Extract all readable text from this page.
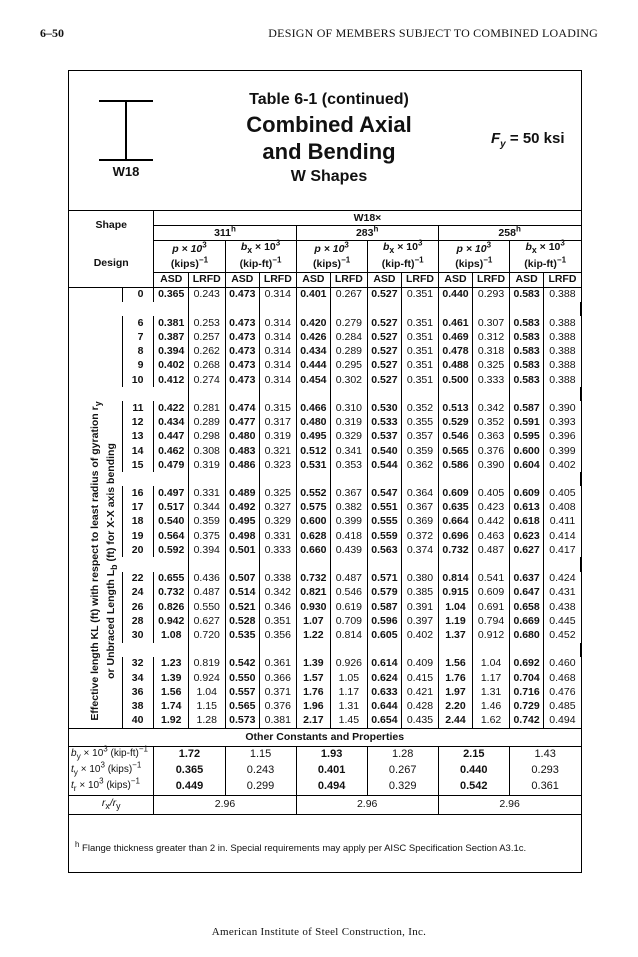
6–50	DESIGN OF MEMBERS SUBJECT TO COMBINED LOADING
W18
Table 6-1 (continued)
Combined Axial
and Bending
W Shapes
$F_y = 50$ ksi
Shape		W18×												
		311$^h$				283$^h$				258$^h$
Design		$p \times 10^3$		$b_x \times 10^3$		$p \times 10^3$		$b_x \times 10^3$		$p \times 10^3$		$b_x \times 10^3$
		(kips)$^{-1}$		$(kip-ft)^{-1}$		(kips)$^{-1}$		$(kip-ft)^{-1}$		(kips)$^{-1}$		$(kip-ft)^{-1}$
		ASD	LRFD	ASD	LRFD	ASD	LRFD	ASD	LRFD	ASD	LRFD	ASD	LRFD	
	0	0.365	0.243	0.473	0.314	0.401	0.267	0.527	0.351	0.440	0.293	0.583	0.388	

	6	0.381	0.253	0.473	0.314	0.420	0.279	0.527	0.351	0.461	0.307	0.583	0.388	
	7	0.387	0.257	0.473	0.314	0.426	0.284	0.527	0.351	0.469	0.312	0.583	0.388	
	8	0.394	0.262	0.473	0.314	0.434	0.289	0.527	0.351	0.478	0.318	0.583	0.388	
	9	0.402	0.268	0.473	0.314	0.444	0.295	0.527	0.351	0.488	0.325	0.583	0.388	
	10	0.412	0.274	0.473	0.314	0.454	0.302	0.527	0.351	0.500	0.333	0.583	0.388	

	11	0.422	0.281	0.474	0.315	0.466	0.310	0.530	0.352	0.513	0.342	0.587	0.390	
	12	0.434	0.289	0.477	0.317	0.480	0.319	0.533	0.355	0.529	0.352	0.591	0.393	
	13	0.447	0.298	0.480	0.319	0.495	0.329	0.537	0.357	0.546	0.363	0.595	0.396	
	14	0.462	0.308	0.483	0.321	0.512	0.341	0.540	0.359	0.565	0.376	0.600	0.399	
	15	0.479	0.319	0.486	0.323	0.531	0.353	0.544	0.362	0.586	0.390	0.604	0.402	

	16	0.497	0.331	0.489	0.325	0.552	0.367	0.547	0.364	0.609	0.405	0.609	0.405	
	17	0.517	0.344	0.492	0.327	0.575	0.382	0.551	0.367	0.635	0.423	0.613	0.408	
	18	0.540	0.359	0.495	0.329	0.600	0.399	0.555	0.369	0.664	0.442	0.618	0.411	
	19	0.564	0.375	0.498	0.331	0.628	0.418	0.559	0.372	0.696	0.463	0.623	0.414	
	20	0.592	0.394	0.501	0.333	0.660	0.439	0.563	0.374	0.732	0.487	0.627	0.417	

	22	0.655	0.436	0.507	0.338	0.732	0.487	0.571	0.380	0.814	0.541	0.637	0.424	
	24	0.732	0.487	0.514	0.342	0.821	0.546	0.579	0.385	0.915	0.609	0.647	0.431	
	26	0.826	0.550	0.521	0.346	0.930	0.619	0.587	0.391	1.04	0.691	0.658	0.438	
	28	0.942	0.627	0.528	0.351	1.07	0.709	0.596	0.397	1.19	0.794	0.669	0.445	
	30	1.08	0.720	0.535	0.356	1.22	0.814	0.605	0.402	1.37	0.912	0.680	0.452	

	32	1.23	0.819	0.542	0.361	1.39	0.926	0.614	0.409	1.56	1.04	0.692	0.460	
	34	1.39	0.924	0.550	0.366	1.57	1.05	0.624	0.415	1.76	1.17	0.704	0.468	
	36	1.56	1.04	0.557	0.371	1.76	1.17	0.633	0.421	1.97	1.31	0.716	0.476	
	38	1.74	1.15	0.565	0.376	1.96	1.31	0.644	0.428	2.20	1.46	0.729	0.485	
	40	1.92	1.28	0.573	0.381	2.17	1.45	0.654	0.435	2.44	1.62	0.742	0.494	
Other Constants and Properties														
$b_y \times 10^3$ $(kip-ft)^{-1}$		1.72		1.15		1.93		1.28		2.15		1.43		
$t_y \times 10^3$ (kips)$^{-1}$		0.365		0.243		0.401		0.267		0.440		0.293		
$t_r \times 10^3$ (kips)$^{-1}$		0.449		0.299		0.494		0.329		0.542		0.361		
$r_x/r_y$		2.96				2.96				2.96				
Effective length KL (ft) with respect to least radius of gyration $r_y$
or Unbraced Length $L_b$ (ft) for X-X axis bending
$^h$ Flange thickness greater than 2 in. Special requirements may apply per AISC Specification Section A3.1c.
American Institute of Steel Construction, Inc.
